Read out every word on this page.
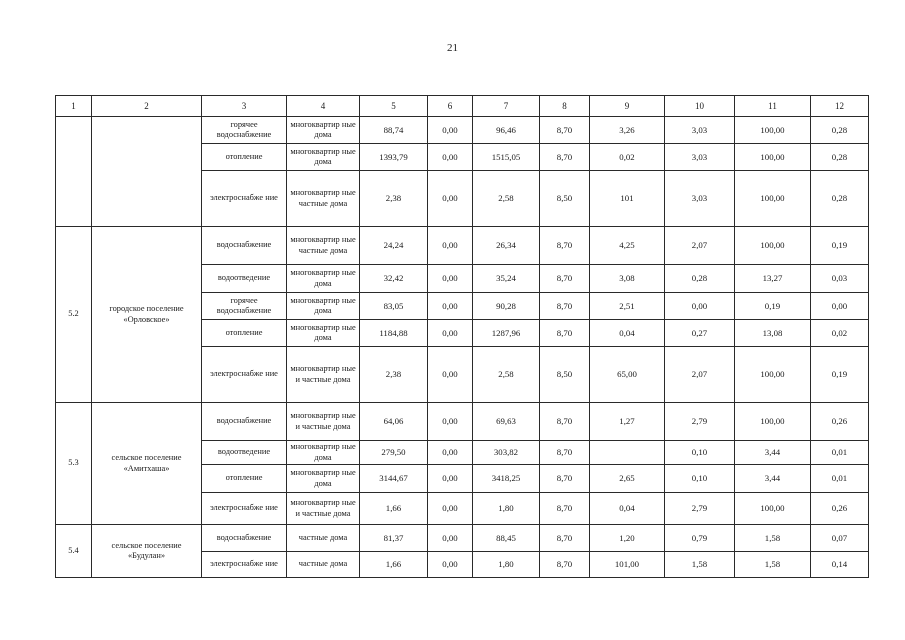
21
1	2	3	4	5	6	7	8	9	10	11	12
		горячее водоснабжение	многоквартир ные дома	88,74	0,00	96,46	8,70	3,26	3,03	100,00	0,28
		отопление	многоквартир ные дома	1393,79	0,00	1515,05	8,70	0,02	3,03	100,00	0,28
		электроснабже ние	многоквартир ные частные дома	2,38	0,00	2,58	8,50	101	3,03	100,00	0,28
5.2	городское поселение «Орловское»	водоснабжение	многоквартир ные частные дома	24,24	0,00	26,34	8,70	4,25	2,07	100,00	0,19
		водоотведение	многоквартир ные дома	32,42	0,00	35,24	8,70	3,08	0,28	13,27	0,03
		горячее водоснабжение	многоквартир ные дома	83,05	0,00	90,28	8,70	2,51	0,00	0,19	0,00
		отопление	многоквартир ные дома	1184,88	0,00	1287,96	8,70	0,04	0,27	13,08	0,02
		электроснабже ние	многоквартир ные и частные дома	2,38	0,00	2,58	8,50	65,00	2,07	100,00	0,19
5.3	сельское поселение «Амитхаша»	водоснабжение	многоквартир ные и частные дома	64,06	0,00	69,63	8,70	1,27	2,79	100,00	0,26
		водоотведение	многоквартир ные дома	279,50	0,00	303,82	8,70		0,10	3,44	0,01
		отопление	многоквартир ные дома	3144,67	0,00	3418,25	8,70	2,65	0,10	3,44	0,01
		электроснабже ние	многоквартир ные и частные дома	1,66	0,00	1,80	8,70	0,04	2,79	100,00	0,26
5.4	сельское поселение «Будулан»	водоснабжение	частные дома	81,37	0,00	88,45	8,70	1,20	0,79	1,58	0,07
		электроснабже ние	частные дома	1,66	0,00	1,80	8,70	101,00	1,58	1,58	0,14
